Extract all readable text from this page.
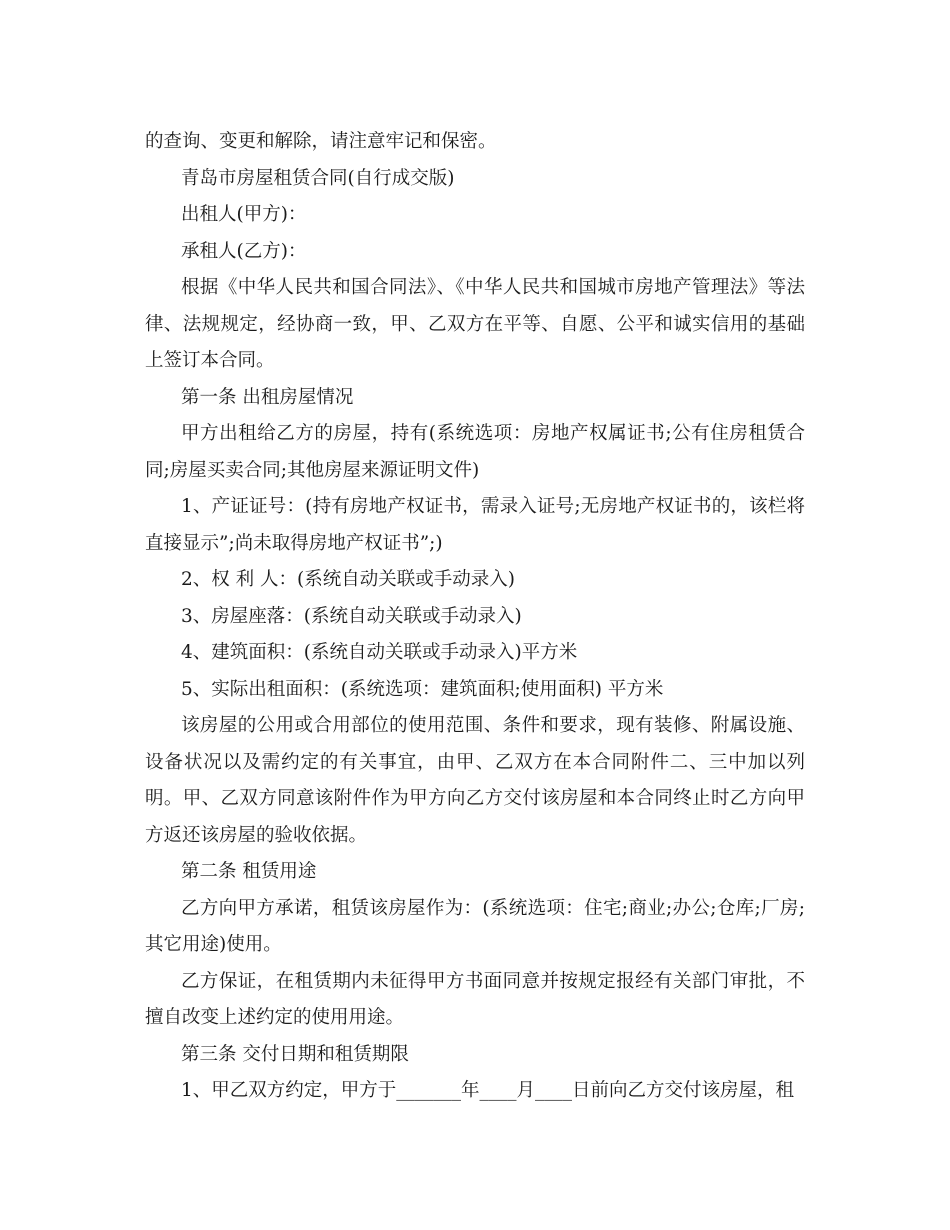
的查询、变更和解除，请注意牢记和保密。

青岛市房屋租赁合同(自行成交版)

出租人(甲方)：

承租人(乙方)：

根据《中华人民共和国合同法》、《中华人民共和国城市房地产管理法》等法律、法规规定，经协商一致，甲、乙双方在平等、自愿、公平和诚实信用的基础上签订本合同。

第一条 出租房屋情况

甲方出租给乙方的房屋，持有(系统选项：房地产权属证书;公有住房租赁合同;房屋买卖合同;其他房屋来源证明文件)

1、产证证号：(持有房地产权证书，需录入证号;无房地产权证书的，该栏将直接显示”;尚未取得房地产权证书”;)

2、权 利 人：(系统自动关联或手动录入)

3、房屋座落：(系统自动关联或手动录入)

4、建筑面积：(系统自动关联或手动录入)平方米

5、实际出租面积：(系统选项：建筑面积;使用面积) 平方米

该房屋的公用或合用部位的使用范围、条件和要求，现有装修、附属设施、设备状况以及需约定的有关事宜，由甲、乙双方在本合同附件二、三中加以列明。甲、乙双方同意该附件作为甲方向乙方交付该房屋和本合同终止时乙方向甲方返还该房屋的验收依据。

第二条 租赁用途

乙方向甲方承诺，租赁该房屋作为：(系统选项：住宅;商业;办公;仓库;厂房;其它用途)使用。

乙方保证，在租赁期内未征得甲方书面同意并按规定报经有关部门审批，不擅自改变上述约定的使用用途。

第三条 交付日期和租赁期限

1、甲乙双方约定，甲方于_______年____月____日前向乙方交付该房屋，租
